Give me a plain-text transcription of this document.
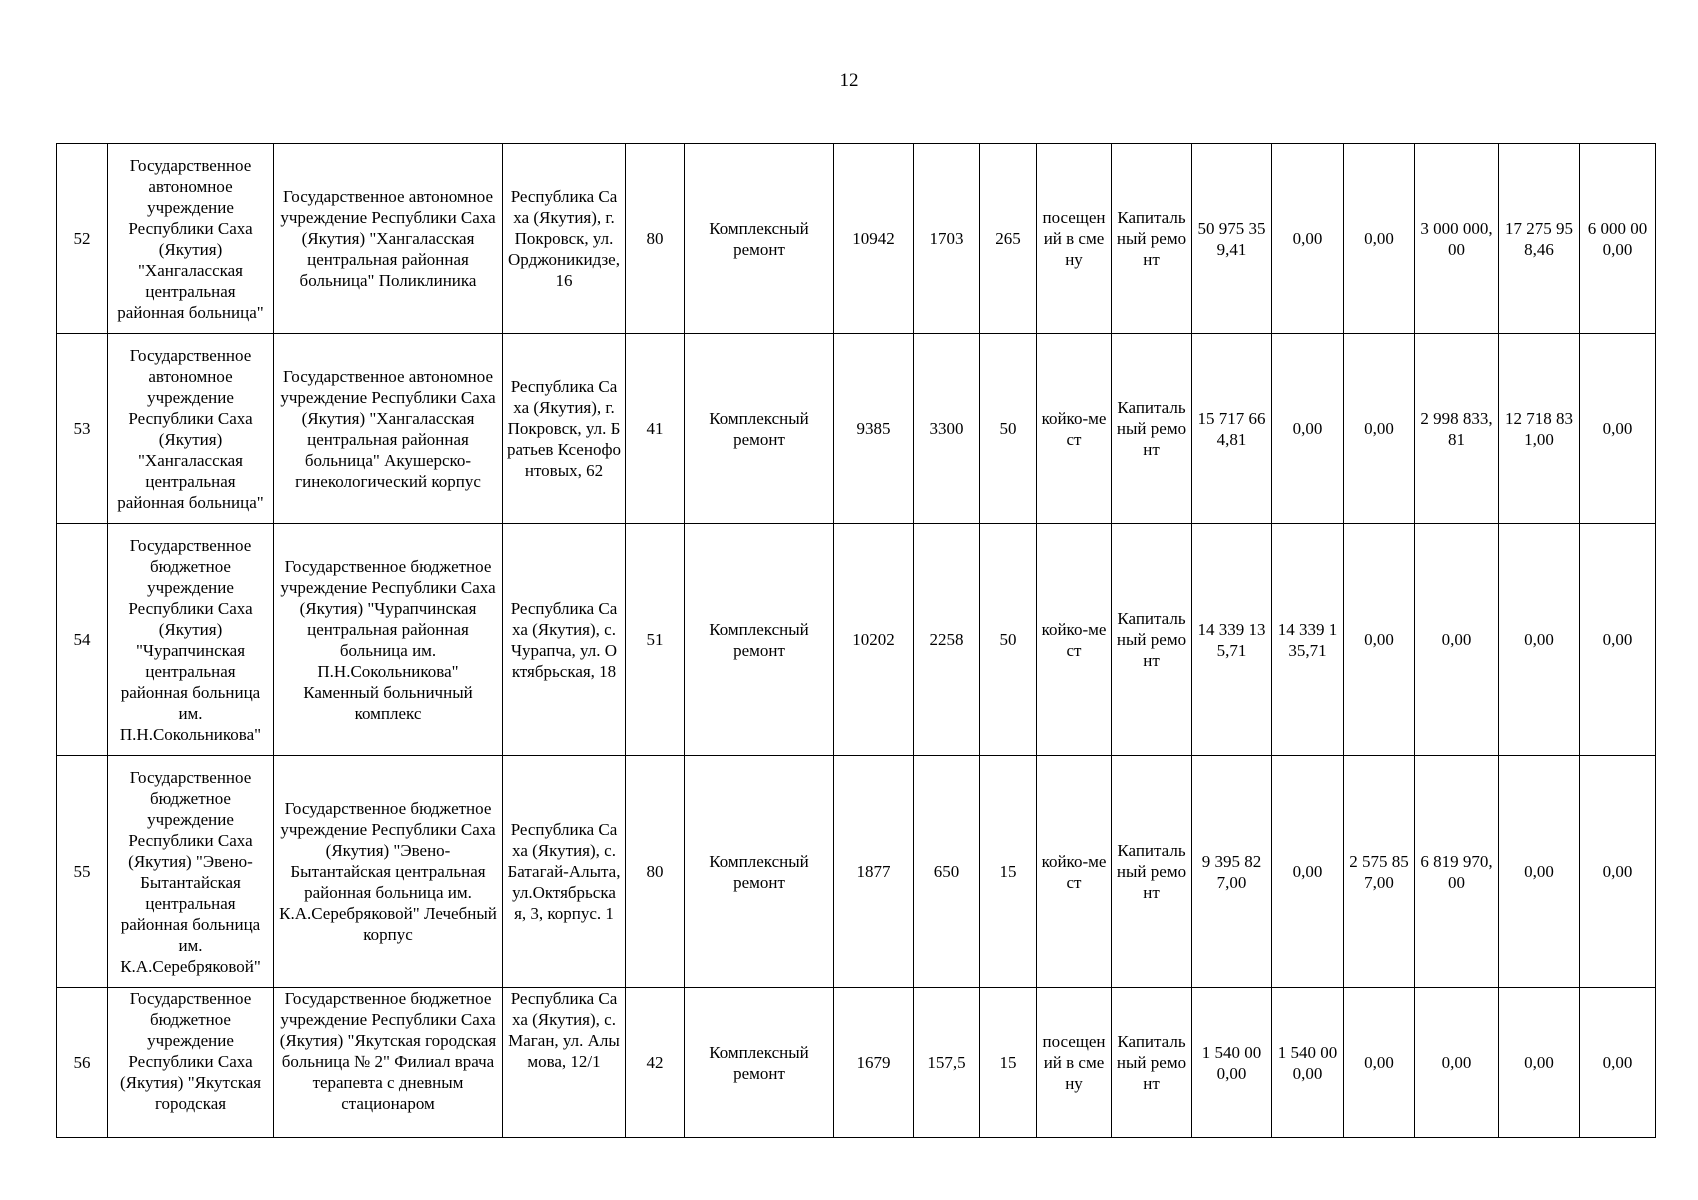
12
52	Государственное автономное учреждение Республики Саха (Якутия) "Хангаласская центральная районная больница"	Государственное автономное учреждение Республики Саха (Якутия) "Хангаласская центральная районная больница" Поликлиника	Республика Саха (Якутия), г. Покровск, ул. Орджоникидзе, 16	80	Комплексный ремонт	10942	1703	265	посещений в смену	Капитальный ремонт	50 975 359,41	0,00	0,00	3 000 000,00	17 275 958,46	6 000 000,00
53	Государственное автономное учреждение Республики Саха (Якутия) "Хангаласская центральная районная больница"	Государственное автономное учреждение Республики Саха (Якутия) "Хангаласская центральная районная больница" Акушерско-гинекологический корпус	Республика Саха (Якутия), г. Покровск, ул. Братьев Ксенофонтовых, 62	41	Комплексный ремонт	9385	3300	50	койко-мест	Капитальный ремонт	15 717 664,81	0,00	0,00	2 998 833,81	12 718 831,00	0,00
54	Государственное бюджетное учреждение Республики Саха (Якутия) "Чурапчинская центральная районная больница им. П.Н.Сокольникова"	Государственное бюджетное учреждение Республики Саха (Якутия) "Чурапчинская центральная районная больница им. П.Н.Сокольникова" Каменный больничный комплекс	Республика Саха (Якутия), с. Чурапча, ул. Октябрьская, 18	51	Комплексный ремонт	10202	2258	50	койко-мест	Капитальный ремонт	14 339 135,71	14 339 135,71	0,00	0,00	0,00	0,00
55	Государственное бюджетное учреждение Республики Саха (Якутия) "Эвено-Бытантайская центральная районная больница им. К.А.Серебряковой"	Государственное бюджетное учреждение Республики Саха (Якутия) "Эвено-Бытантайская центральная районная больница им. К.А.Серебряковой" Лечебный корпус	Республика Саха (Якутия), с. Батагай-Алыта, ул.Октябрьская, 3, корпус. 1	80	Комплексный ремонт	1877	650	15	койко-мест	Капитальный ремонт	9 395 827,00	0,00	2 575 857,00	6 819 970,00	0,00	0,00
56	Государственное бюджетное учреждение Республики Саха (Якутия) "Якутская городская	Государственное бюджетное учреждение Республики Саха (Якутия) "Якутская городская больница № 2" Филиал врача терапевта с дневным стационаром	Республика Саха (Якутия), с. Маган, ул. Алымова, 12/1	42	Комплексный ремонт	1679	157,5	15	посещений в смену	Капитальный ремонт	1 540 000,00	1 540 000,00	0,00	0,00	0,00	0,00
